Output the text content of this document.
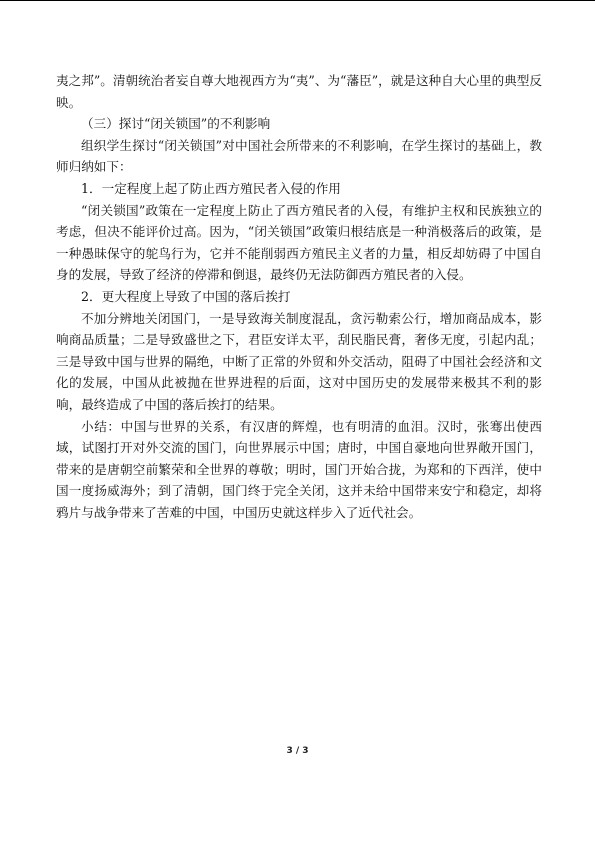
夷之邦”。清朝统治者妄自尊大地视西方为“夷”、为“藩臣”，就是这种自大心里的典型反映。

（三）探讨“闭关锁国”的不利影响

组织学生探讨“闭关锁国”对中国社会所带来的不利影响，在学生探讨的基础上，教师归纳如下：

1．一定程度上起了防止西方殖民者入侵的作用

“闭关锁国”政策在一定程度上防止了西方殖民者的入侵，有维护主权和民族独立的考虑，但决不能评价过高。因为，“闭关锁国”政策归根结底是一种消极落后的政策，是一种愚昧保守的鸵鸟行为，它并不能削弱西方殖民主义者的力量，相反却妨碍了中国自身的发展，导致了经济的停滞和倒退，最终仍无法防御西方殖民者的入侵。

2．更大程度上导致了中国的落后挨打

不加分辨地关闭国门，一是导致海关制度混乱，贪污勒索公行，增加商品成本，影响商品质量；二是导致盛世之下，君臣安详太平，刮民脂民膏，奢侈无度，引起内乱；三是导致中国与世界的隔绝，中断了正常的外贸和外交活动，阻碍了中国社会经济和文化的发展，中国从此被抛在世界进程的后面，这对中国历史的发展带来极其不利的影响，最终造成了中国的落后挨打的结果。

小结：中国与世界的关系，有汉唐的辉煌，也有明清的血泪。汉时，张骞出使西域，试图打开对外交流的国门，向世界展示中国；唐时，中国自豪地向世界敞开国门，带来的是唐朝空前繁荣和全世界的尊敬；明时，国门开始合拢，为郑和的下西洋，使中国一度扬威海外；到了清朝，国门终于完全关闭，这并未给中国带来安宁和稳定，却将鸦片与战争带来了苦难的中国，中国历史就这样步入了近代社会。

3 / 3
